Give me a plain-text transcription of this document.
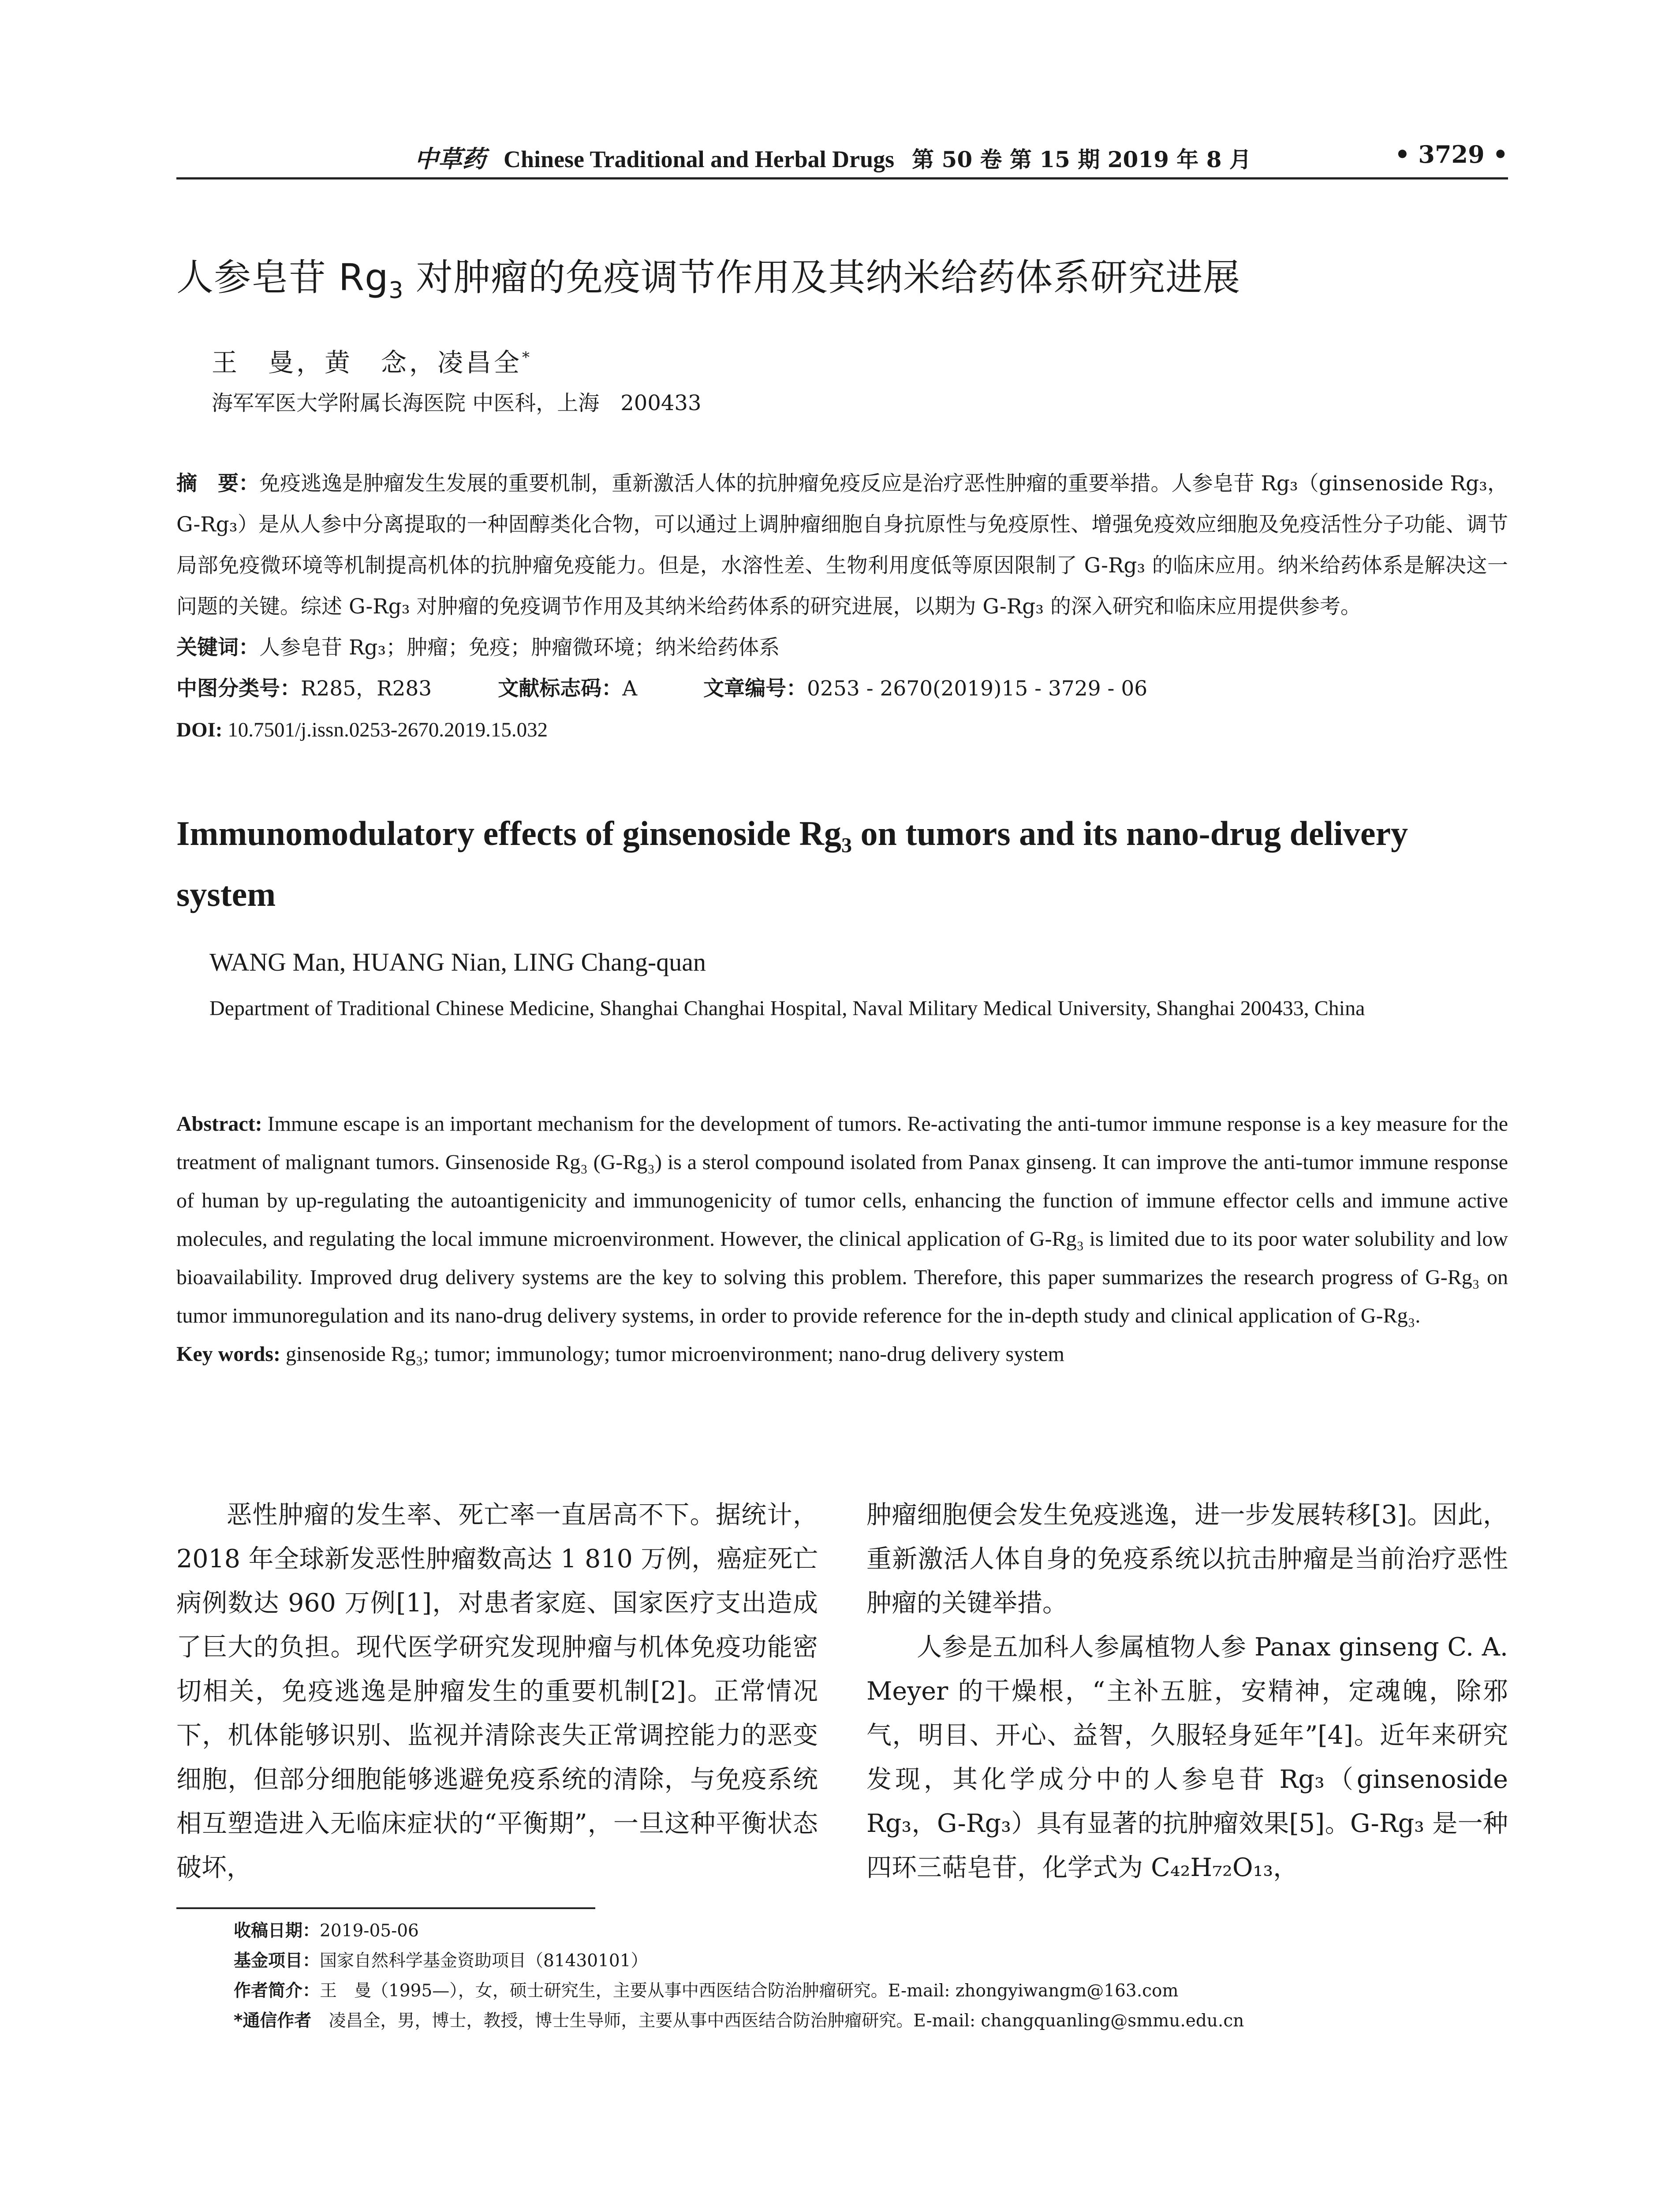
中草药 Chinese Traditional and Herbal Drugs 第 50 卷 第 15 期 2019 年 8 月	• 3729 •
人参皂苷 $Rg_3$ 对肿瘤的免疫调节作用及其纳米给药体系研究进展
王　曼，黄　念，凌昌全*
海军军医大学附属长海医院 中医科，上海　200433

摘　要：免疫逃逸是肿瘤发生发展的重要机制，重新激活人体的抗肿瘤免疫反应是治疗恶性肿瘤的重要举措。人参皂苷 Rg₃（ginsenoside Rg₃，G-Rg₃）是从人参中分离提取的一种固醇类化合物，可以通过上调肿瘤细胞自身抗原性与免疫原性、增强免疫效应细胞及免疫活性分子功能、调节局部免疫微环境等机制提高机体的抗肿瘤免疫能力。但是，水溶性差、生物利用度低等原因限制了 G-Rg₃ 的临床应用。纳米给药体系是解决这一问题的关键。综述 G-Rg₃ 对肿瘤的免疫调节作用及其纳米给药体系的研究进展，以期为 G-Rg₃ 的深入研究和临床应用提供参考。

关键词：人参皂苷 Rg₃；肿瘤；免疫；肿瘤微环境；纳米给药体系

中图分类号：R285，R283	文献标志码：A	文章编号：0253 - 2670(2019)15 - 3729 - 06

DOI: 10.7501/j.issn.0253-2670.2019.15.032

Immunomodulatory effects of ginsenoside $Rg_3$ on tumors and its nano-drug delivery system
WANG Man, HUANG Nian, LING Chang-quan
Department of Traditional Chinese Medicine, Shanghai Changhai Hospital, Naval Military Medical University, Shanghai 200433, China

Abstract: Immune escape is an important mechanism for the development of tumors. Re-activating the anti-tumor immune response is a key measure for the treatment of malignant tumors. Ginsenoside Rg₃ (G-Rg₃) is a sterol compound isolated from Panax ginseng. It can improve the anti-tumor immune response of human by up-regulating the autoantigenicity and immunogenicity of tumor cells, enhancing the function of immune effector cells and immune active molecules, and regulating the local immune microenvironment. However, the clinical application of G-Rg₃ is limited due to its poor water solubility and low bioavailability. Improved drug delivery systems are the key to solving this problem. Therefore, this paper summarizes the research progress of G-Rg₃ on tumor immunoregulation and its nano-drug delivery systems, in order to provide reference for the in-depth study and clinical application of G-Rg₃.

Key words: ginsenoside Rg₃; tumor; immunology; tumor microenvironment; nano-drug delivery system

恶性肿瘤的发生率、死亡率一直居高不下。据统计，2018 年全球新发恶性肿瘤数高达 1 810 万例，癌症死亡病例数达 960 万例[1]，对患者家庭、国家医疗支出造成了巨大的负担。现代医学研究发现肿瘤与机体免疫功能密切相关，免疫逃逸是肿瘤发生的重要机制[2]。正常情况下，机体能够识别、监视并清除丧失正常调控能力的恶变细胞，但部分细胞能够逃避免疫系统的清除，与免疫系统相互塑造进入无临床症状的“平衡期”，一旦这种平衡状态破坏，

肿瘤细胞便会发生免疫逃逸，进一步发展转移[3]。因此，重新激活人体自身的免疫系统以抗击肿瘤是当前治疗恶性肿瘤的关键举措。

人参是五加科人参属植物人参 Panax ginseng C. A. Meyer 的干燥根，“主补五脏，安精神，定魂魄，除邪气，明目、开心、益智，久服轻身延年”[4]。近年来研究发现，其化学成分中的人参皂苷 Rg₃（ginsenoside Rg₃，G-Rg₃）具有显著的抗肿瘤效果[5]。G-Rg₃ 是一种四环三萜皂苷，化学式为 C₄₂H₇₂O₁₃，

收稿日期：2019-05-06

基金项目：国家自然科学基金资助项目（81430101）

作者简介：王　曼（1995—），女，硕士研究生，主要从事中西医结合防治肿瘤研究。E-mail: zhongyiwangm@163.com

*通信作者　凌昌全，男，博士，教授，博士生导师，主要从事中西医结合防治肿瘤研究。E-mail: changquanling@smmu.edu.cn
